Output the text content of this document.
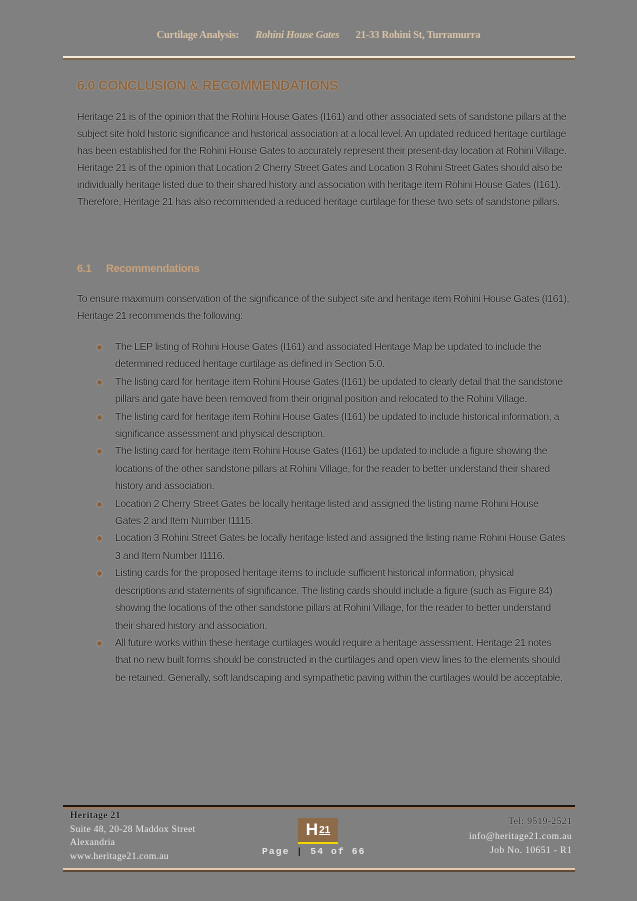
Curtilage Analysis: Rohini House Gates 21-33 Rohini St, Turramurra
6.0 CONCLUSION & RECOMMENDATIONS
Heritage 21 is of the opinion that the Rohini House Gates (I161) and other associated sets of sandstone pillars at the subject site hold historic significance and historical association at a local level. An updated reduced heritage curtilage has been established for the Rohini House Gates to accurately represent their present-day location at Rohini Village. Heritage 21 is of the opinion that Location 2 Cherry Street Gates and Location 3 Rohini Street Gates should also be individually heritage listed due to their shared history and association with heritage item Rohini House Gates (I161). Therefore, Heritage 21 has also recommended a reduced heritage curtilage for these two sets of sandstone pillars.
6.1 Recommendations
To ensure maximum conservation of the significance of the subject site and heritage item Rohini House Gates (I161), Heritage 21 recommends the following:
The LEP listing of Rohini House Gates (I161) and associated Heritage Map be updated to include the determined reduced heritage curtilage as defined in Section 5.0.
The listing card for heritage item Rohini House Gates (I161) be updated to clearly detail that the sandstone pillars and gate have been removed from their original position and relocated to the Rohini Village.
The listing card for heritage item Rohini House Gates (I161) be updated to include historical information, a significance assessment and physical description.
The listing card for heritage item Rohini House Gates (I161) be updated to include a figure showing the locations of the other sandstone pillars at Rohini Village, for the reader to better understand their shared history and association.
Location 2 Cherry Street Gates be locally heritage listed and assigned the listing name Rohini House Gates 2 and Item Number I1115.
Location 3 Rohini Street Gates be locally heritage listed and assigned the listing name Rohini House Gates 3 and Item Number I1116.
Listing cards for the proposed heritage items to include sufficient historical information, physical descriptions and statements of significance. The listing cards should include a figure (such as Figure 84) showing the locations of the other sandstone pillars at Rohini Village, for the reader to better understand their shared history and association.
All future works within these heritage curtilages would require a heritage assessment. Heritage 21 notes that no new built forms should be constructed in the curtilages and open view lines to the elements should be retained. Generally, soft landscaping and sympathetic paving within the curtilages would be acceptable.
Heritage 21
Suite 48, 20-28 Maddox Street
Alexandria
www.heritage21.com.au
H 21
Page | 54 of 66
Tel: 9519-2521
info@heritage21.com.au
Job No. 10651 - R1
